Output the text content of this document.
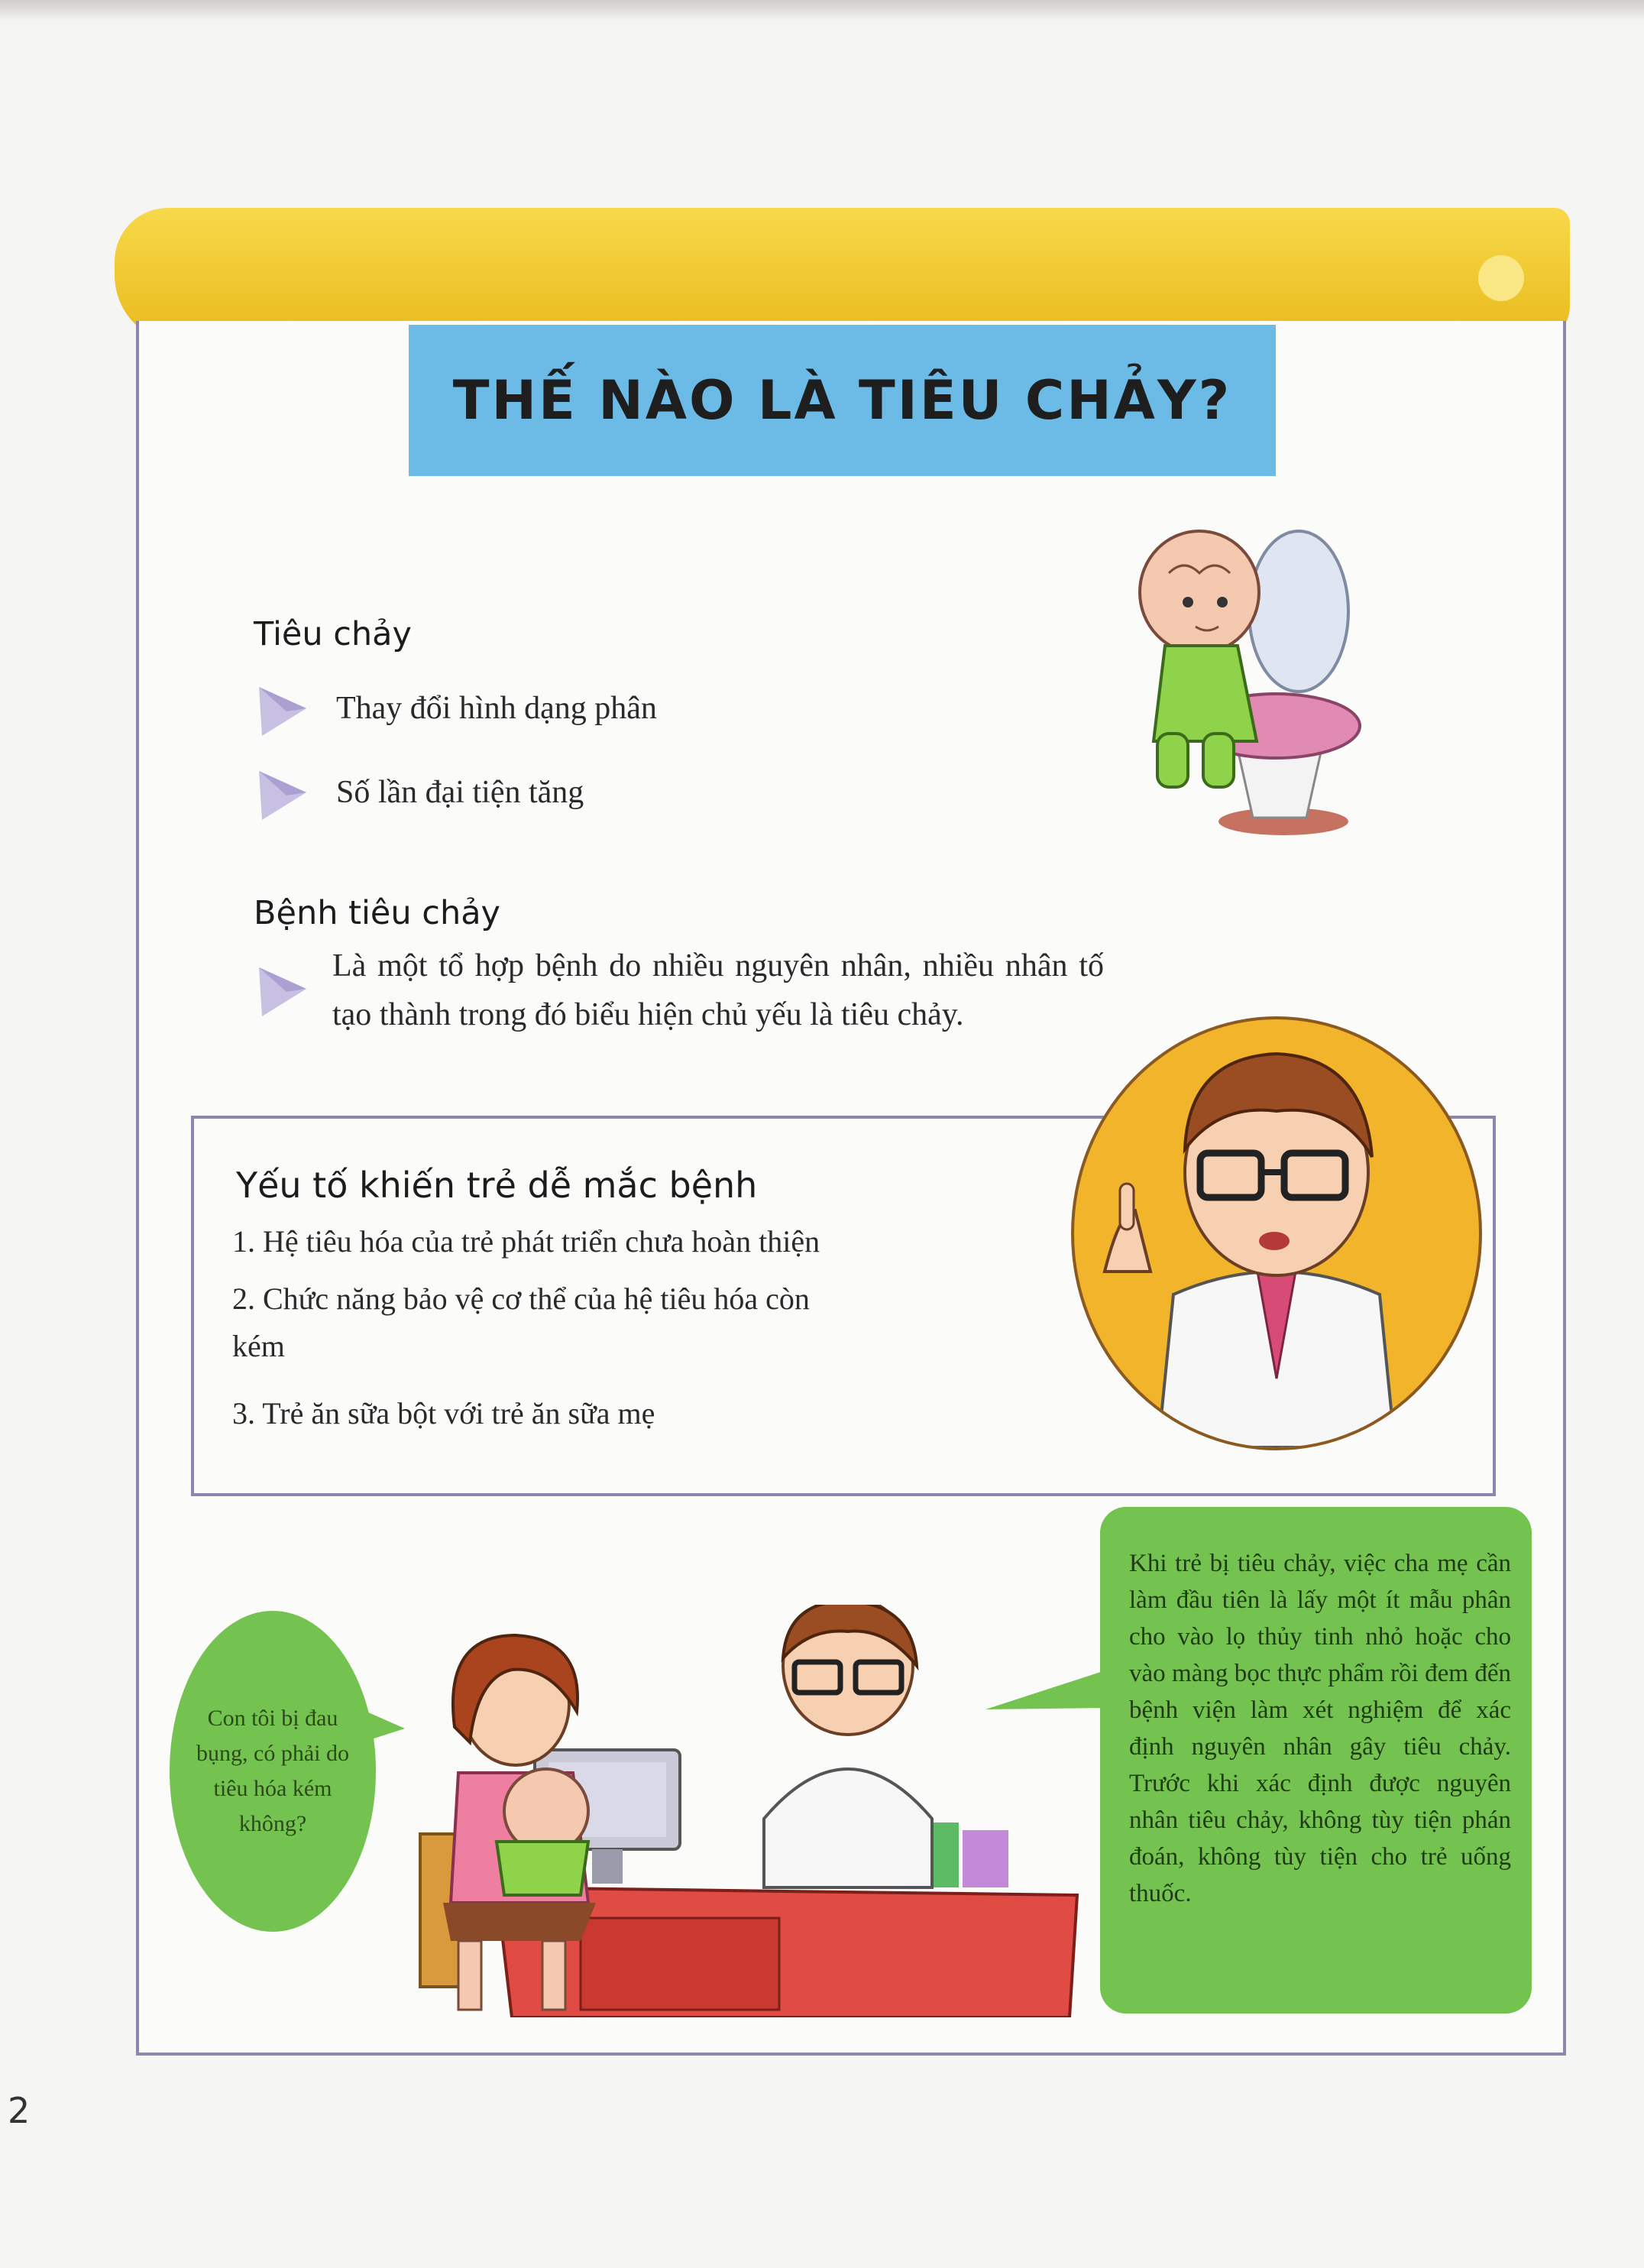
THẾ NÀO LÀ TIÊU CHẢY?
Tiêu chảy
Thay đổi hình dạng phân
Số lần đại tiện tăng
Bệnh tiêu chảy
Là một tổ hợp bệnh do nhiều nguyên nhân, nhiều nhân tố tạo thành trong đó biểu hiện chủ yếu là tiêu chảy.
Yếu tố khiến trẻ dễ mắc bệnh
1. Hệ tiêu hóa của trẻ phát triển chưa hoàn thiện
2. Chức năng bảo vệ cơ thể của hệ tiêu hóa còn kém
3. Trẻ ăn sữa bột với trẻ ăn sữa mẹ
Con tôi bị đau bụng, có phải do tiêu hóa kém không?

Khi trẻ bị tiêu chảy, việc cha mẹ cần làm đầu tiên là lấy một ít mẫu phân cho vào lọ thủy tinh nhỏ hoặc cho vào màng bọc thực phẩm rồi đem đến bệnh viện làm xét nghiệm để xác định nguyên nhân gây tiêu chảy. Trước khi xác định được nguyên nhân tiêu chảy, không tùy tiện phán đoán, không tùy tiện cho trẻ uống thuốc.

2
